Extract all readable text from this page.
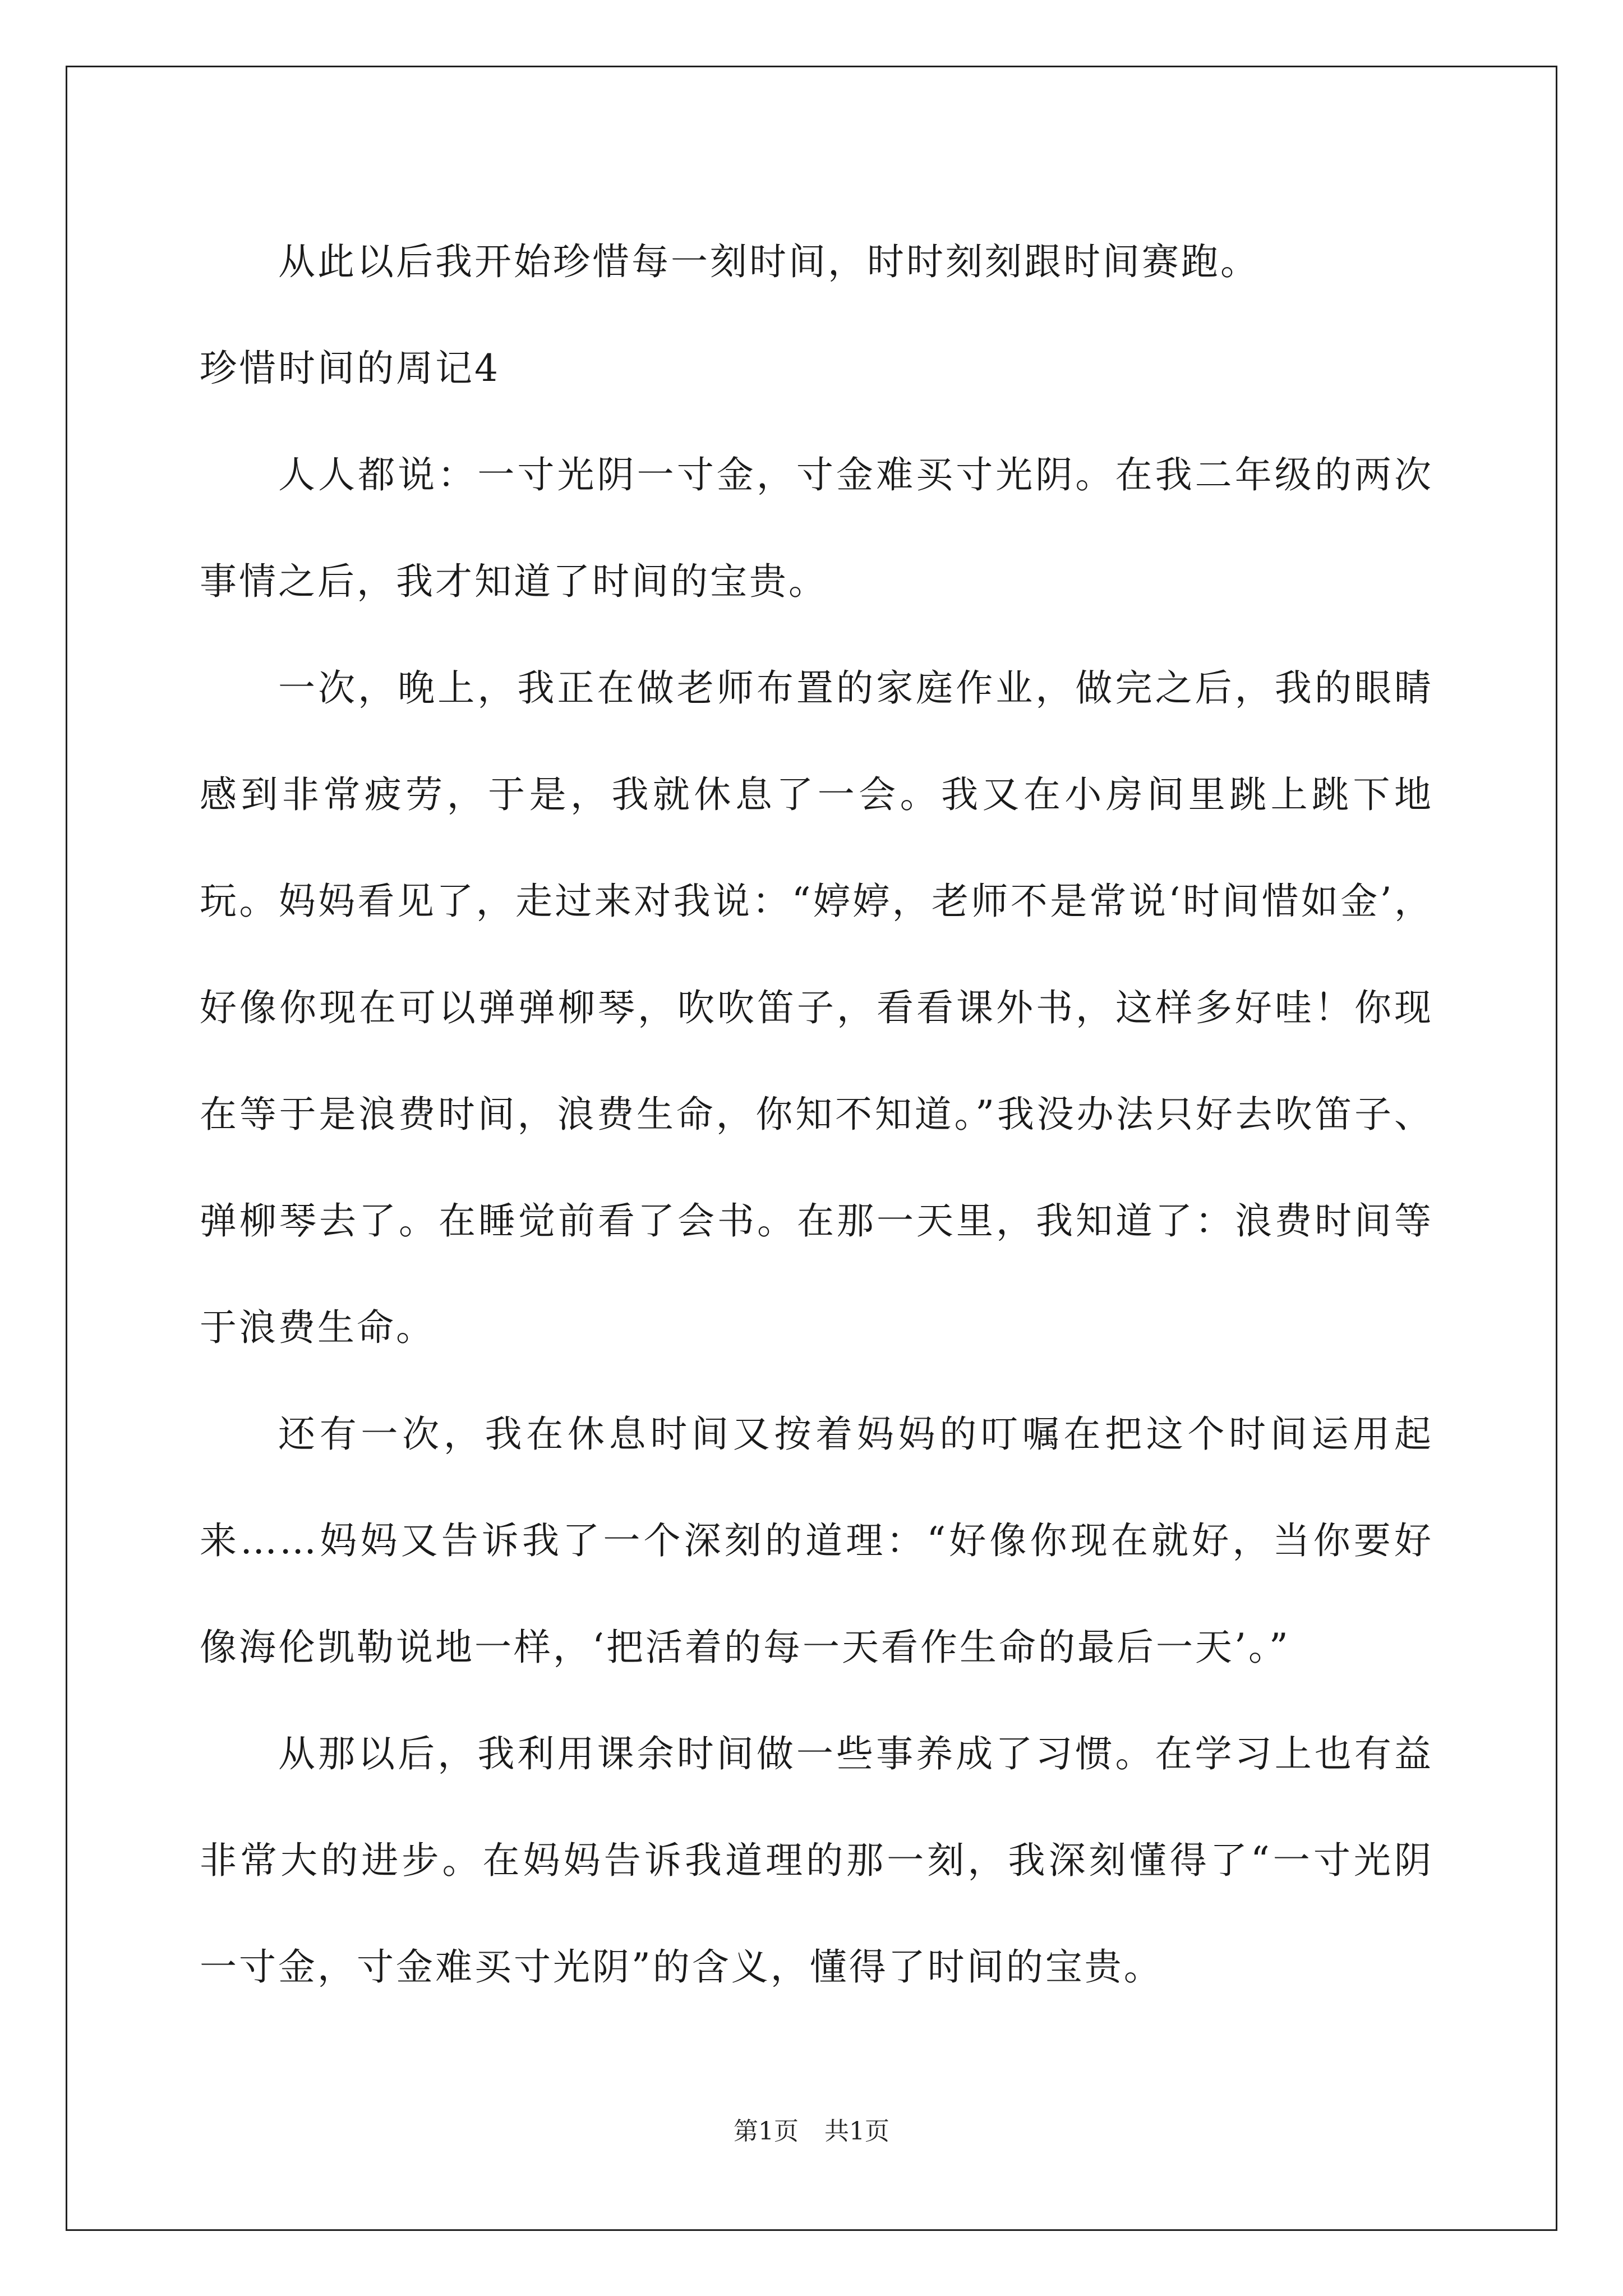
从此以后我开始珍惜每一刻时间，时时刻刻跟时间赛跑。

珍惜时间的周记4

人人都说：一寸光阴一寸金，寸金难买寸光阴。在我二年级的两次事情之后，我才知道了时间的宝贵。

一次，晚上，我正在做老师布置的家庭作业，做完之后，我的眼睛感到非常疲劳，于是，我就休息了一会。我又在小房间里跳上跳下地玩。妈妈看见了，走过来对我说：“婷婷，老师不是常说‘时间惜如金’，好像你现在可以弹弹柳琴，吹吹笛子，看看课外书，这样多好哇！你现在等于是浪费时间，浪费生命，你知不知道。”我没办法只好去吹笛子、弹柳琴去了。在睡觉前看了会书。在那一天里，我知道了：浪费时间等于浪费生命。

还有一次，我在休息时间又按着妈妈的叮嘱在把这个时间运用起来……妈妈又告诉我了一个深刻的道理：“好像你现在就好，当你要好像海伦凯勒说地一样，‘把活着的每一天看作生命的最后一天’。”

从那以后，我利用课余时间做一些事养成了习惯。在学习上也有益非常大的进步。在妈妈告诉我道理的那一刻，我深刻懂得了“一寸光阴一寸金，寸金难买寸光阴”的含义，懂得了时间的宝贵。

第1页 共1页
